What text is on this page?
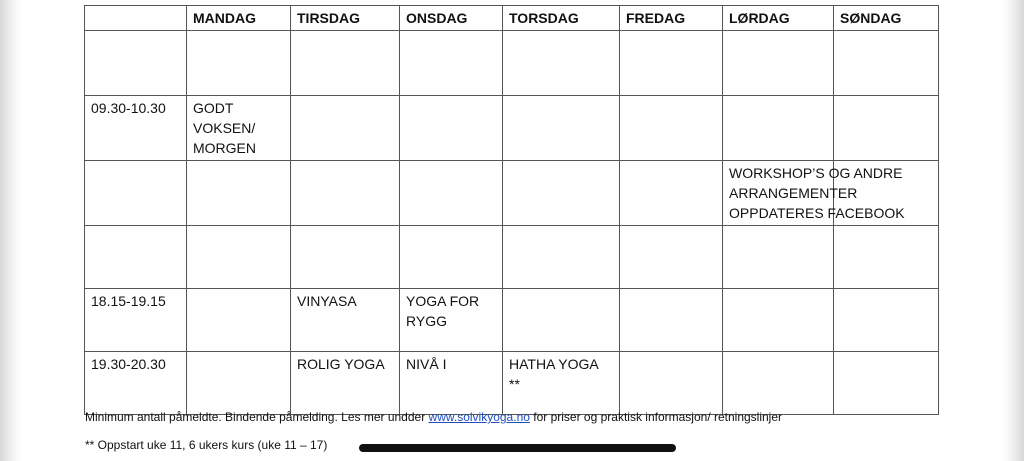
	MANDAG	TIRSDAG	ONSDAG	TORSDAG	FREDAG	LØRDAG	SØNDAG

09.30-10.30	GODT
VOKSEN/
MORGEN						
						WORKSHOP’S OG ANDRE
ARRANGEMENTER
OPPDATERES FACEBOOK	

18.15-19.15		VINYASA	YOGA FOR
RYGG				
19.30-20.30		ROLIG YOGA	NIVÅ I	HATHA YOGA
**			
Minimum antall påmeldte. Bindende påmelding. Les mer undder www.solvikyoga.no for priser og praktisk informasjon/ retningslinjer
** Oppstart uke 11, 6 ukers kurs (uke 11 – 17)
